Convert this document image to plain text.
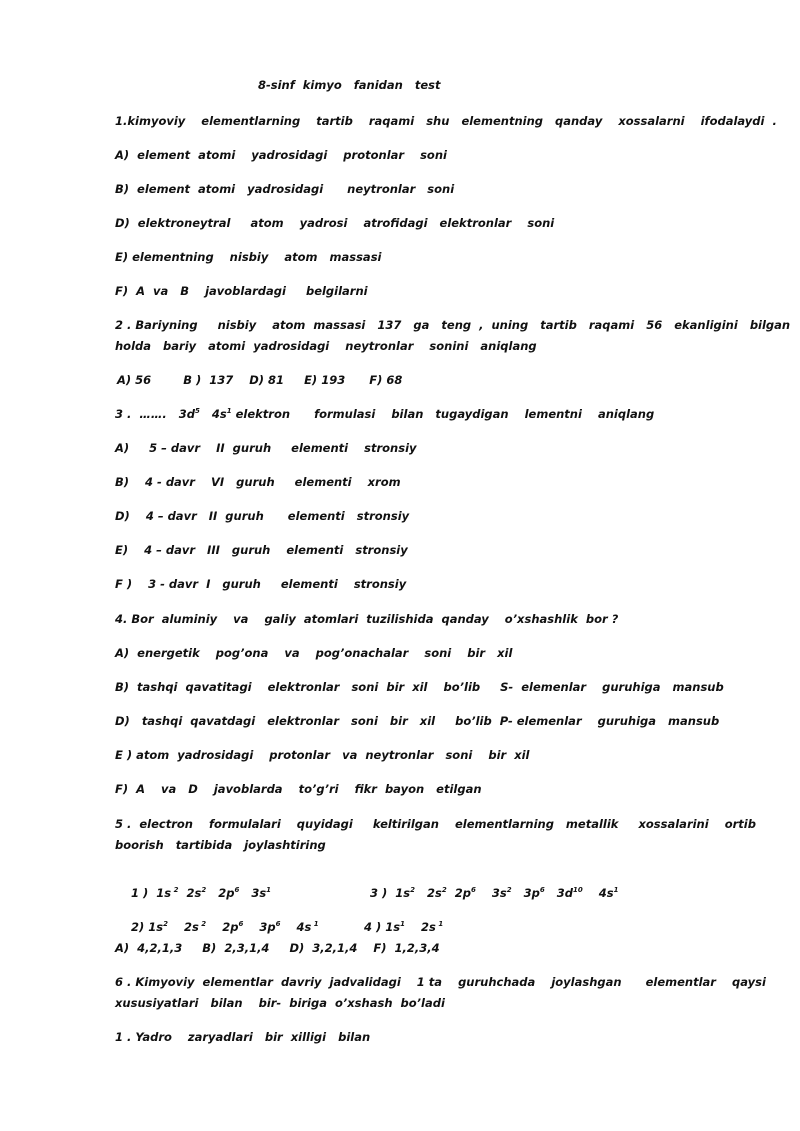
8-sinf  kimyo   fanidan   test
1.kimyoviy    elementlarning    tartib    raqami   shu   elementning   qanday    xossalarni    ifodalaydi  .
A)  element  atomi    yadrosidagi    protonlar    soni
B)  element  atomi   yadrosidagi      neytronlar   soni
D)  elektroneytral     atom    yadrosi    atrofidagi   elektronlar    soni
E) elementning    nisbiy    atom   massasi
F)  A  va   B    javoblardagi     belgilarni
2 . Bariyning     nisbiy    atom  massasi   137   ga   teng  ,  uning   tartib   raqami   56   ekanligini   bilgan
holda   bariy   atomi  yadrosidagi    neytronlar    sonini   aniqlang
A) 56        B )  137    D) 81     E) 193      F) 68
3 .  …….   $3d^5$   $4s^1$ elektron      formulasi    bilan   tugaydigan    lementni    aniqlang
A)     5 – davr    II  guruh     elementi    stronsiy
B)    4 - davr    VI   guruh     elementi    xrom
D)    4 – davr   II  guruh      elementi   stronsiy
E)    4 – davr   III   guruh    elementi   stronsiy
F )    3 - davr  I   guruh     elementi    stronsiy
4. Bor  aluminiy    va    galiy  atomlari  tuzilishida  qanday    o’xshashlik  bor ?
A)  energetik    pog’ona    va    pog’onachalar    soni    bir   xil
B)  tashqi  qavatitagi    elektronlar   soni  bir  xil    bo’lib     S-  elemenlar    guruhiga   mansub
D)   tashqi  qavatdagi   elektronlar   soni   bir   xil     bo’lib  P- elemenlar    guruhiga   mansub
E ) atom  yadrosidagi    protonlar   va  neytronlar   soni    bir  xil
F)  A    va   D    javoblarda    to’g’ri    fikr  bayon   etilgan
5 .  electron    formulalari    quyidagi     keltirilgan    elementlarning   metallik     xossalarini    ortib
boorish   tartibida   joylashtiring

1 )  1s $^2$  $2s^2$   $2p^6$   $3s^1$
	3 )  $1s^2$   $2s^2$  $2p^6$    $3s^2$   $3p^6$   $3d^{10}$    $4s^1$

2) $1s^2$    2s $^2$    $2p^6$    $3p^6$    4s $^1$
	4 ) $1s^1$    2s $^1$

A)  4,2,1,3     B)  2,3,1,4     D)  3,2,1,4    F)  1,2,3,4
6 . Kimyoviy  elementlar  davriy  jadvalidagi    1 ta    guruhchada    joylashgan      elementlar    qaysi
xususiyatlari   bilan    bir-  biriga  o’xshash  bo’ladi
1 . Yadro    zaryadlari   bir  xilligi   bilan
